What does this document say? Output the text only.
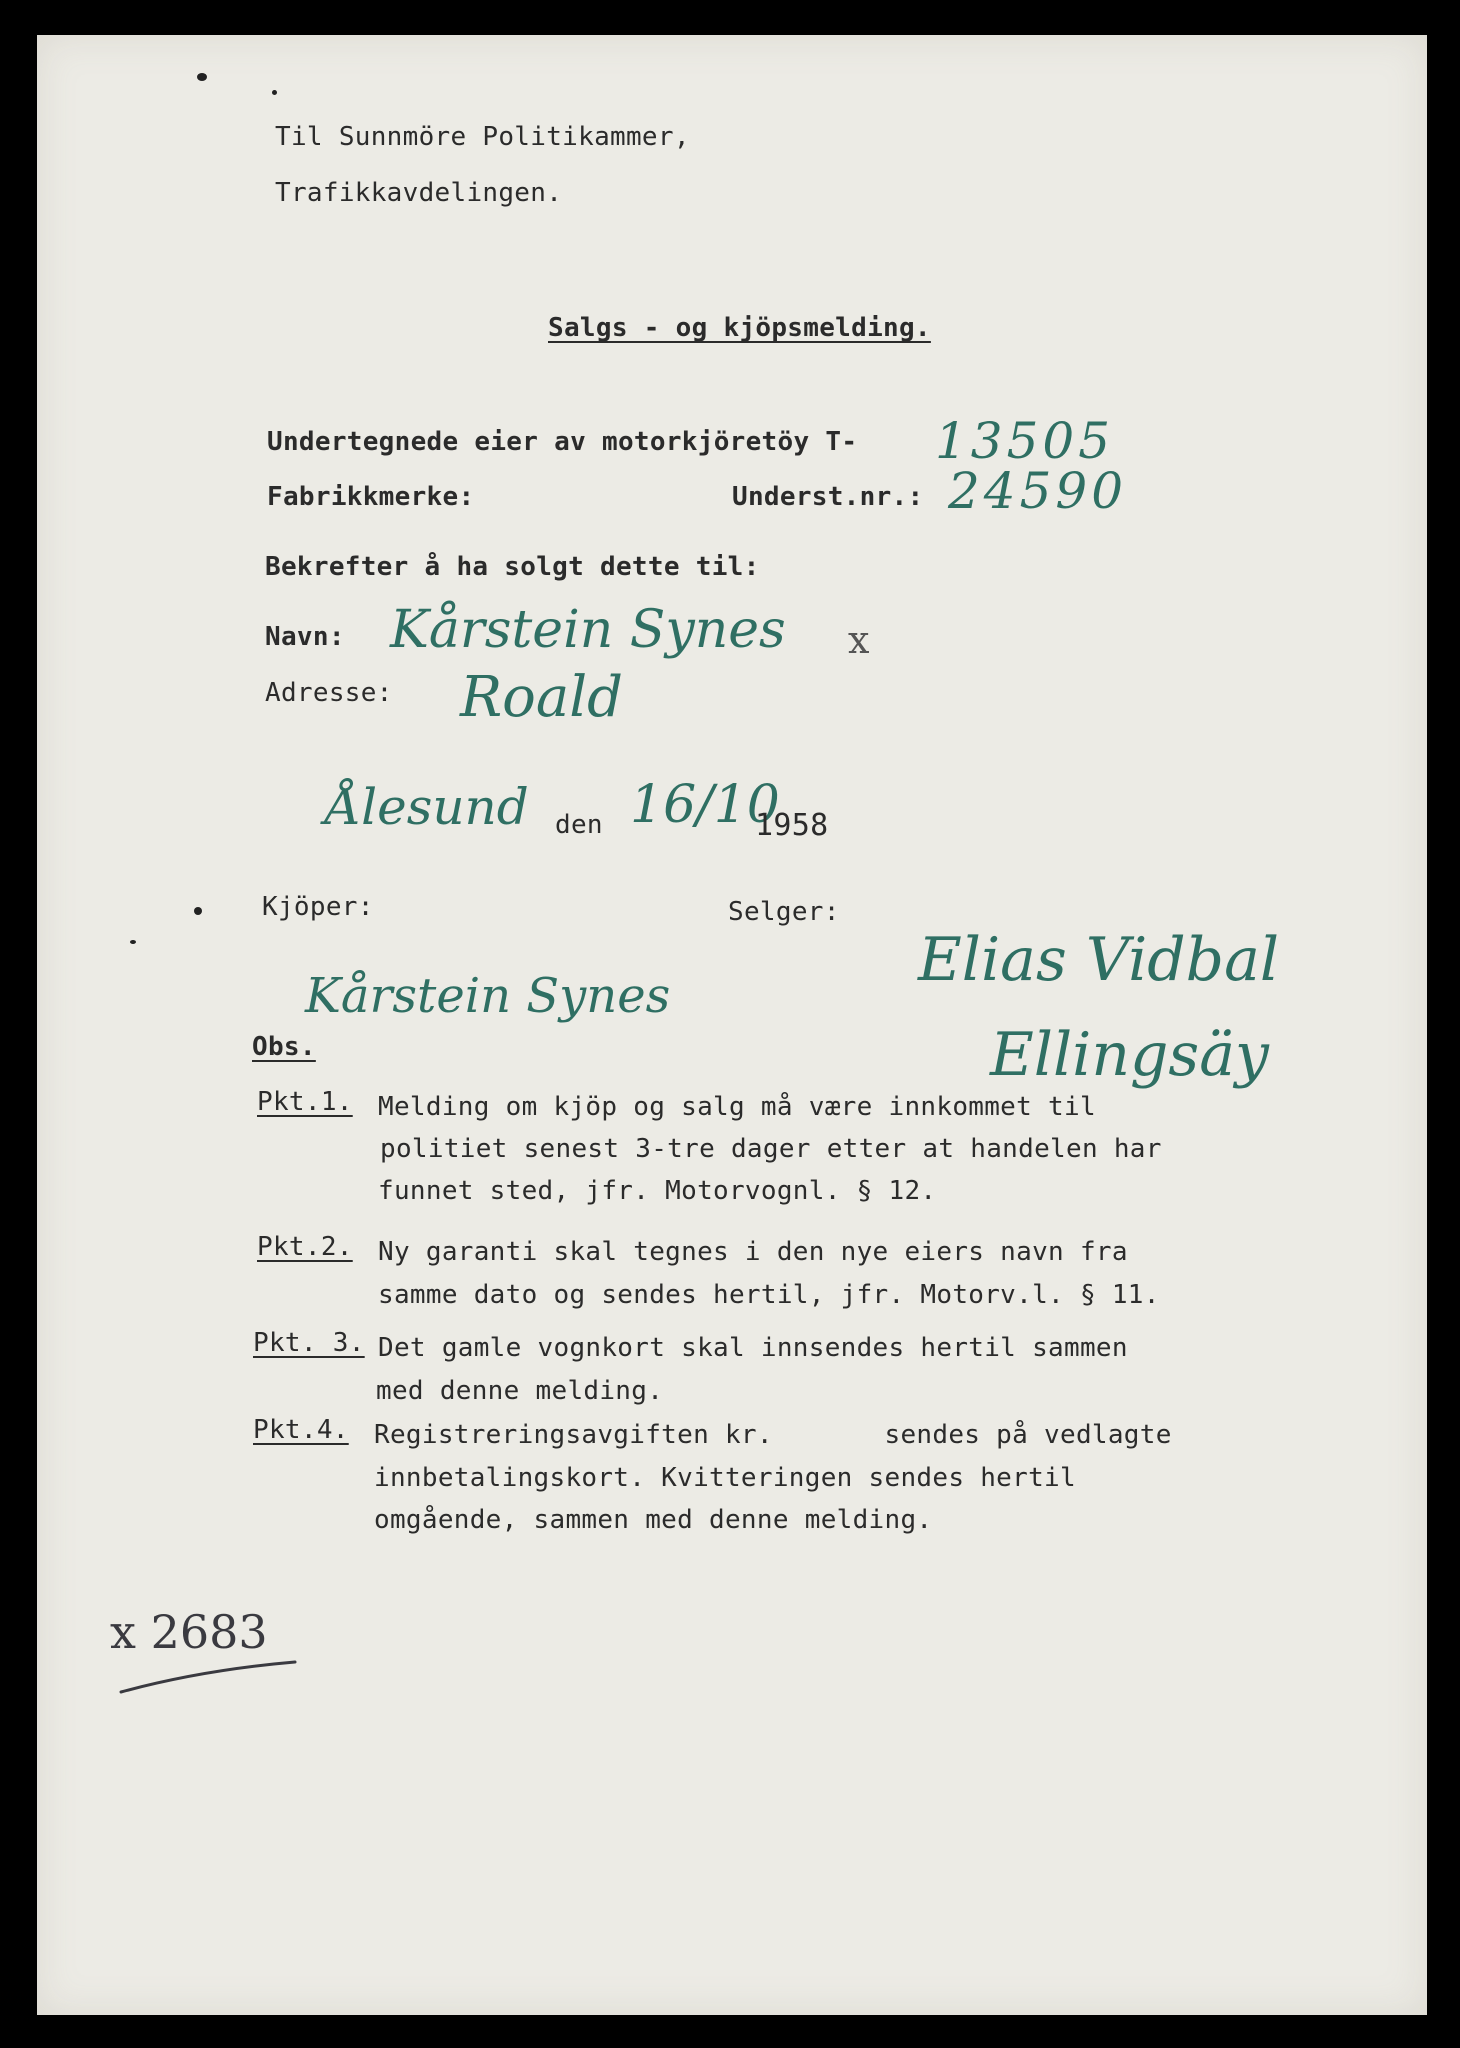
Til Sunnmöre Politikammer,
Trafikkavdelingen.
Salgs - og kjöpsmelding.
Undertegnede eier av motorkjöretöy T- 13505
Fabrikkmerke:	Underst.nr.: 24590
Bekrefter å ha solgt dette til:
Navn: Kårstein Synes x
Adresse: Roald
Ålesund den 16/10
1958
Kjöper:	Selger:
Elias Vidbal
Kårstein Synes
Ellingsäy
Obs.
Pkt.1. Melding om kjöp og salg må være innkommet til
politiet senest 3-tre dager etter at handelen har
funnet sted, jfr. Motorvognl. § 12.
Pkt.2. Ny garanti skal tegnes i den nye eiers navn fra
samme dato og sendes hertil, jfr. Motorv.l. § 11.
Pkt. 3. Det gamle vognkort skal innsendes hertil sammen
med denne melding.
Pkt.4. Registreringsavgiften kr.       sendes på vedlagte
innbetalingskort. Kvitteringen sendes hertil
omgående, sammen med denne melding.
x 2683
